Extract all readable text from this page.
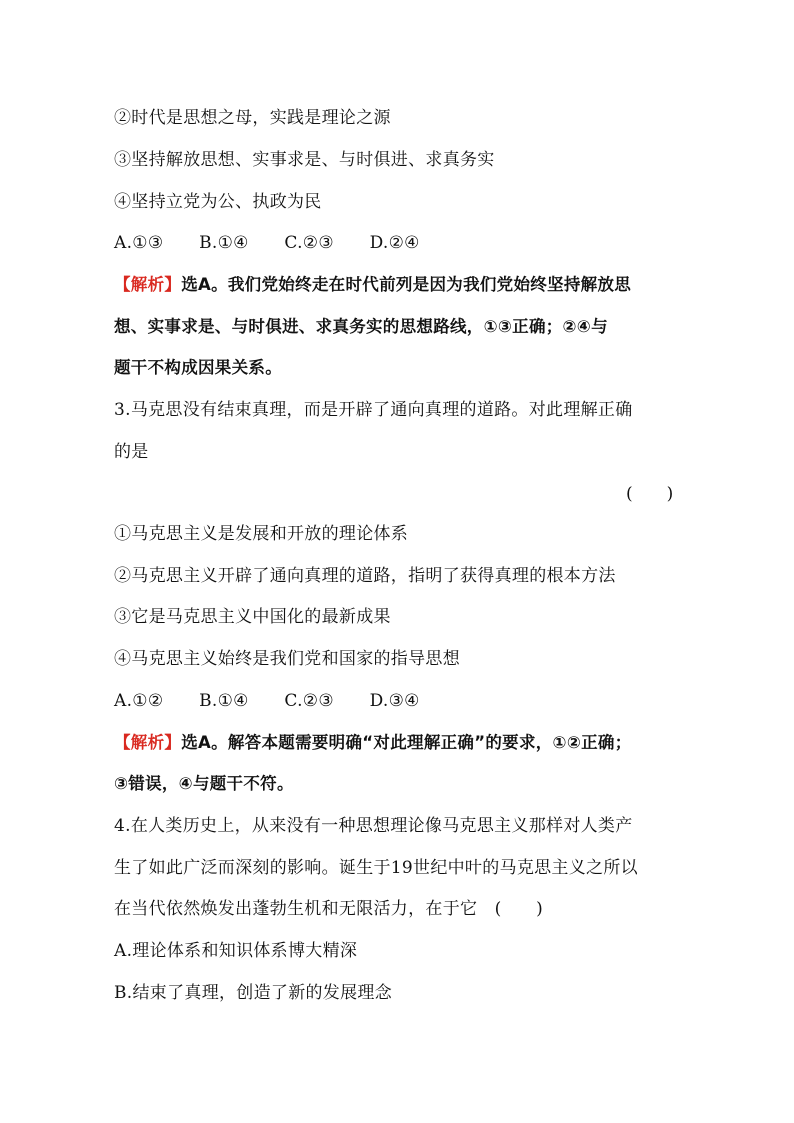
②时代是思想之母，实践是理论之源
③坚持解放思想、实事求是、与时俱进、求真务实
④坚持立党为公、执政为民
A.①③ B.①④ C.②③ D.②④
【解析】选A。我们党始终走在时代前列是因为我们党始终坚持解放思
想、实事求是、与时俱进、求真务实的思想路线，①③正确；②④与
题干不构成因果关系。
3.马克思没有结束真理，而是开辟了通向真理的道路。对此理解正确
的是
(　　)
①马克思主义是发展和开放的理论体系
②马克思主义开辟了通向真理的道路，指明了获得真理的根本方法
③它是马克思主义中国化的最新成果
④马克思主义始终是我们党和国家的指导思想
A.①② B.①④ C.②③ D.③④
【解析】选A。解答本题需要明确“对此理解正确”的要求，①②正确；
③错误，④与题干不符。
4.在人类历史上，从来没有一种思想理论像马克思主义那样对人类产
生了如此广泛而深刻的影响。诞生于19世纪中叶的马克思主义之所以
在当代依然焕发出蓬勃生机和无限活力，在于它　(　　)
A.理论体系和知识体系博大精深
B.结束了真理，创造了新的发展理念
